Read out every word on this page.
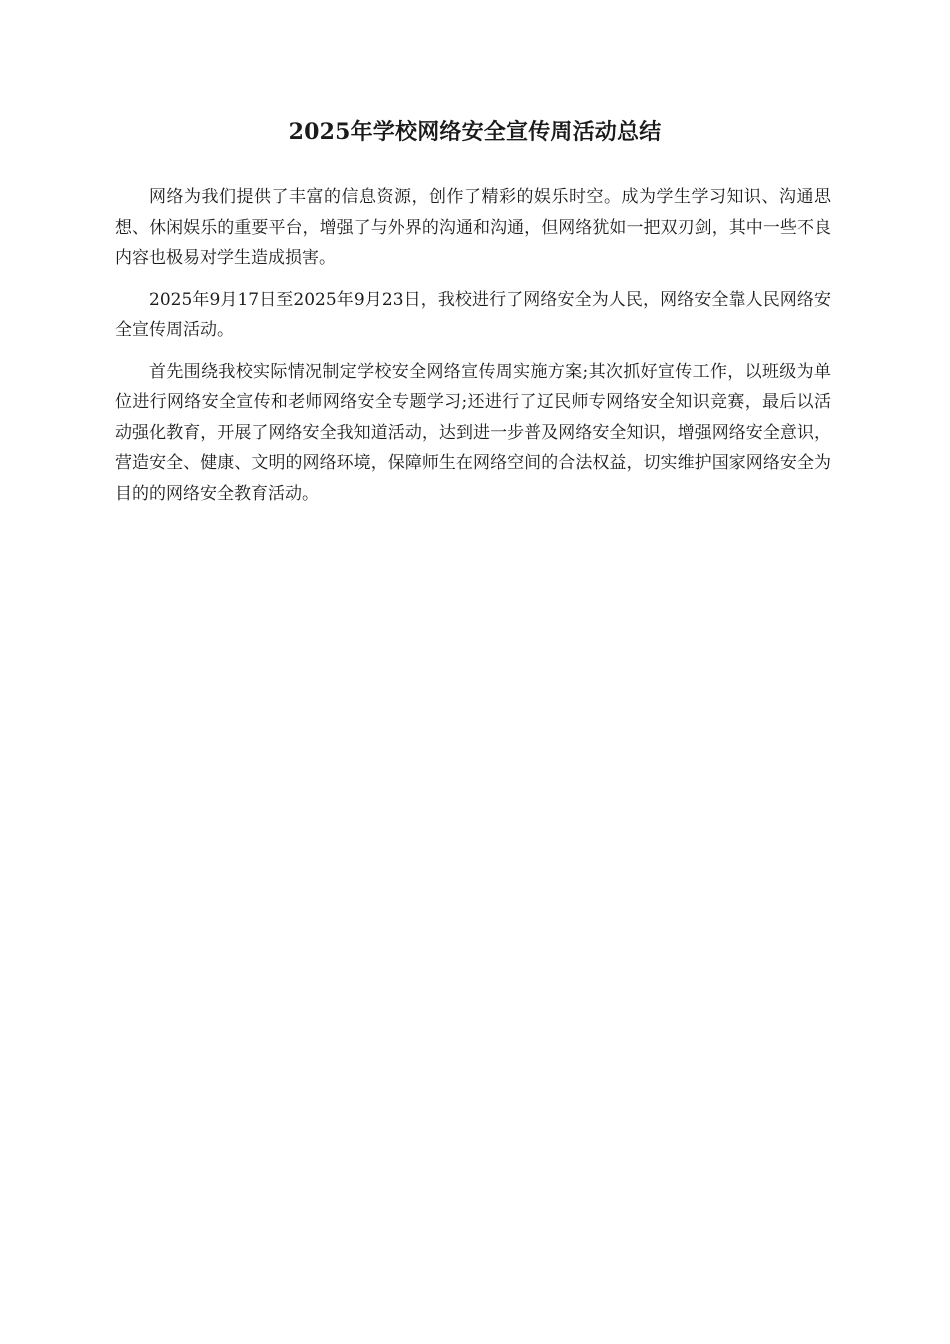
2025年学校网络安全宣传周活动总结

网络为我们提供了丰富的信息资源，创作了精彩的娱乐时空。成为学生学习知识、沟通思想、休闲娱乐的重要平台，增强了与外界的沟通和沟通，但网络犹如一把双刃剑，其中一些不良内容也极易对学生造成损害。

2025年9月17日至2025年9月23日，我校进行了网络安全为人民，网络安全靠人民网络安全宣传周活动。

首先围绕我校实际情况制定学校安全网络宣传周实施方案;其次抓好宣传工作，以班级为单位进行网络安全宣传和老师网络安全专题学习;还进行了辽民师专网络安全知识竞赛，最后以活动强化教育，开展了网络安全我知道活动，达到进一步普及网络安全知识，增强网络安全意识，营造安全、健康、文明的网络环境，保障师生在网络空间的合法权益，切实维护国家网络安全为目的的网络安全教育活动。
